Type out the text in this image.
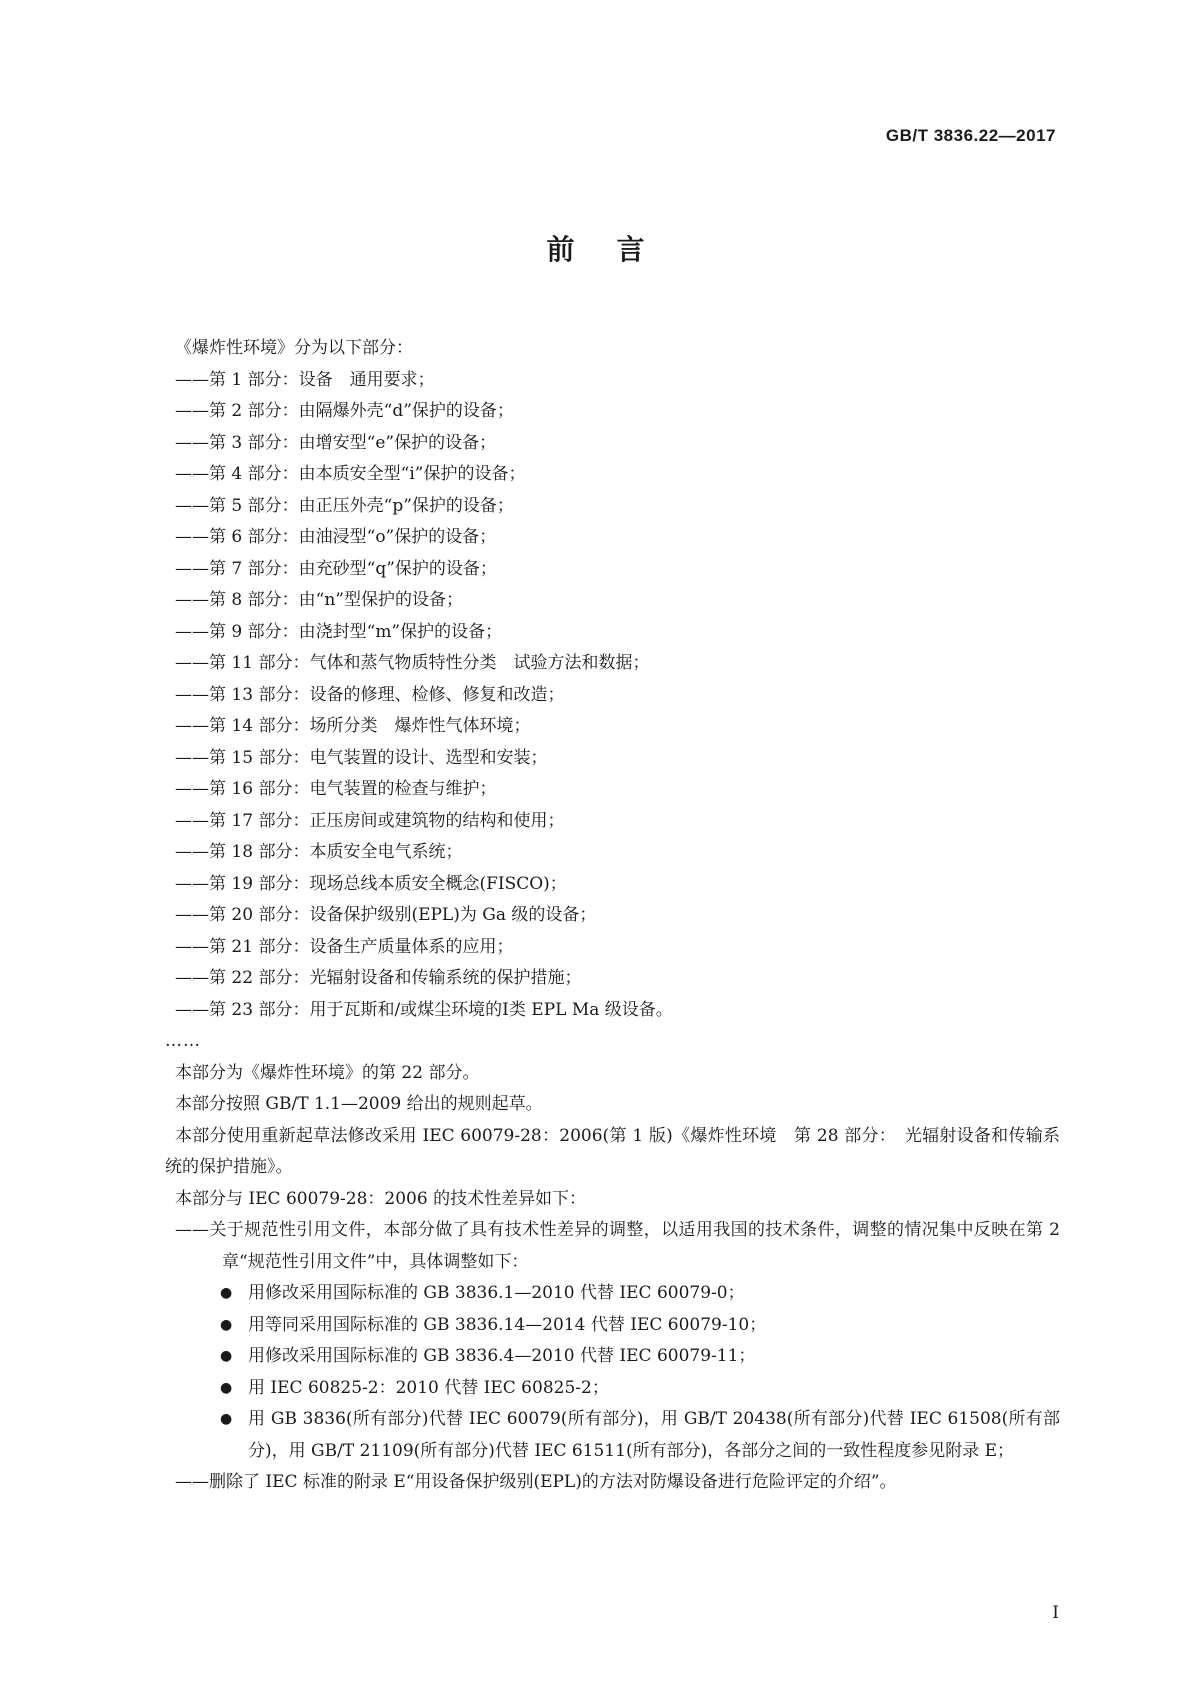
GB/T 3836.22—2017
前言
《爆炸性环境》分为以下部分：
——第 1 部分：设备　通用要求；
——第 2 部分：由隔爆外壳“d”保护的设备；
——第 3 部分：由增安型“e”保护的设备；
——第 4 部分：由本质安全型“i”保护的设备；
——第 5 部分：由正压外壳“p”保护的设备；
——第 6 部分：由油浸型“o”保护的设备；
——第 7 部分：由充砂型“q”保护的设备；
——第 8 部分：由“n”型保护的设备；
——第 9 部分：由浇封型“m”保护的设备；
——第 11 部分：气体和蒸气物质特性分类　试验方法和数据；
——第 13 部分：设备的修理、检修、修复和改造；
——第 14 部分：场所分类　爆炸性气体环境；
——第 15 部分：电气装置的设计、选型和安装；
——第 16 部分：电气装置的检查与维护；
——第 17 部分：正压房间或建筑物的结构和使用；
——第 18 部分：本质安全电气系统；
——第 19 部分：现场总线本质安全概念(FISCO)；
——第 20 部分：设备保护级别(EPL)为 Ga 级的设备；
——第 21 部分：设备生产质量体系的应用；
——第 22 部分：光辐射设备和传输系统的保护措施；
——第 23 部分：用于瓦斯和/或煤尘环境的Ⅰ类 EPL Ma 级设备。
……
本部分为《爆炸性环境》的第 22 部分。
本部分按照 GB/T 1.1—2009 给出的规则起草。
本部分使用重新起草法修改采用 IEC 60079-28：2006(第 1 版)《爆炸性环境　第 28 部分：　光辐射设备和传输系统的保护措施》。
本部分与 IEC 60079-28：2006 的技术性差异如下：
——关于规范性引用文件，本部分做了具有技术性差异的调整，以适用我国的技术条件，调整的情况集中反映在第 2 章“规范性引用文件”中，具体调整如下：
● 用修改采用国际标准的 GB 3836.1—2010 代替 IEC 60079-0；
● 用等同采用国际标准的 GB 3836.14—2014 代替 IEC 60079-10；
● 用修改采用国际标准的 GB 3836.4—2010 代替 IEC 60079-11；
● 用 IEC 60825-2：2010 代替 IEC 60825-2；
● 用 GB 3836(所有部分)代替 IEC 60079(所有部分)，用 GB/T 20438(所有部分)代替 IEC 61508(所有部分)，用 GB/T 21109(所有部分)代替 IEC 61511(所有部分)，各部分之间的一致性程度参见附录 E；
——删除了 IEC 标准的附录 E“用设备保护级别(EPL)的方法对防爆设备进行危险评定的介绍”。
I
